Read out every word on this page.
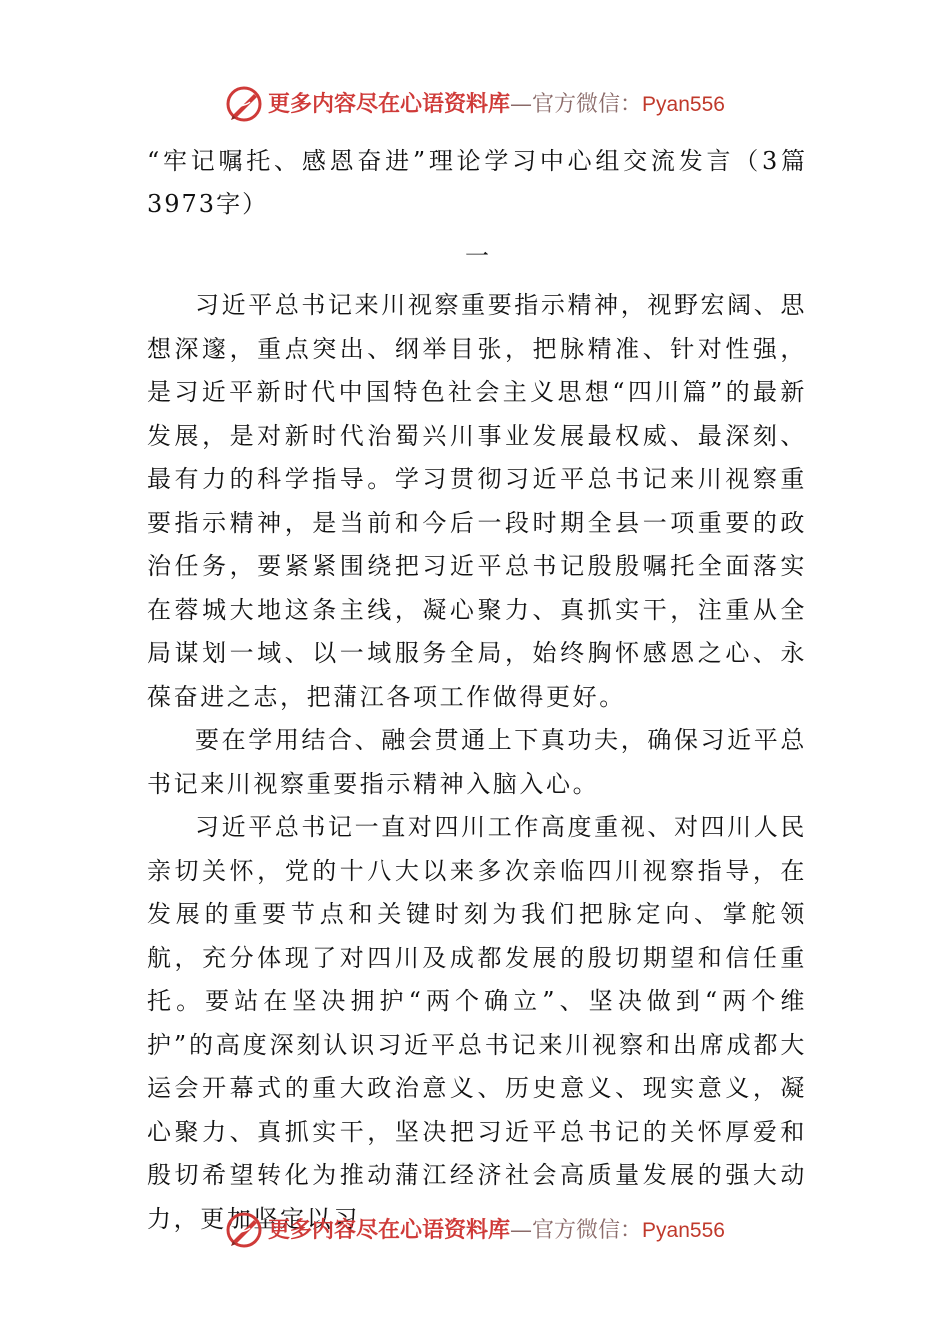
更多内容尽在心语资料库—官方微信：Pyan556

“牢记嘱托、感恩奋进”理论学习中心组交流发言（3篇3973字）

一

习近平总书记来川视察重要指示精神，视野宏阔、思想深邃，重点突出、纲举目张，把脉精准、针对性强，是习近平新时代中国特色社会主义思想“四川篇”的最新发展，是对新时代治蜀兴川事业发展最权威、最深刻、最有力的科学指导。学习贯彻习近平总书记来川视察重要指示精神，是当前和今后一段时期全县一项重要的政治任务，要紧紧围绕把习近平总书记殷殷嘱托全面落实在蓉城大地这条主线，凝心聚力、真抓实干，注重从全局谋划一域、以一域服务全局，始终胸怀感恩之心、永葆奋进之志，把蒲江各项工作做得更好。

要在学用结合、融会贯通上下真功夫，确保习近平总书记来川视察重要指示精神入脑入心。

习近平总书记一直对四川工作高度重视、对四川人民亲切关怀，党的十八大以来多次亲临四川视察指导，在发展的重要节点和关键时刻为我们把脉定向、掌舵领航，充分体现了对四川及成都发展的殷切期望和信任重托。要站在坚决拥护“两个确立”、坚决做到“两个维护”的高度深刻认识习近平总书记来川视察和出席成都大运会开幕式的重大政治意义、历史意义、现实意义，凝心聚力、真抓实干，坚决把习近平总书记的关怀厚爱和殷切希望转化为推动蒲江经济社会高质量发展的强大动力，更加坚定以习

更多内容尽在心语资料库—官方微信：Pyan556
